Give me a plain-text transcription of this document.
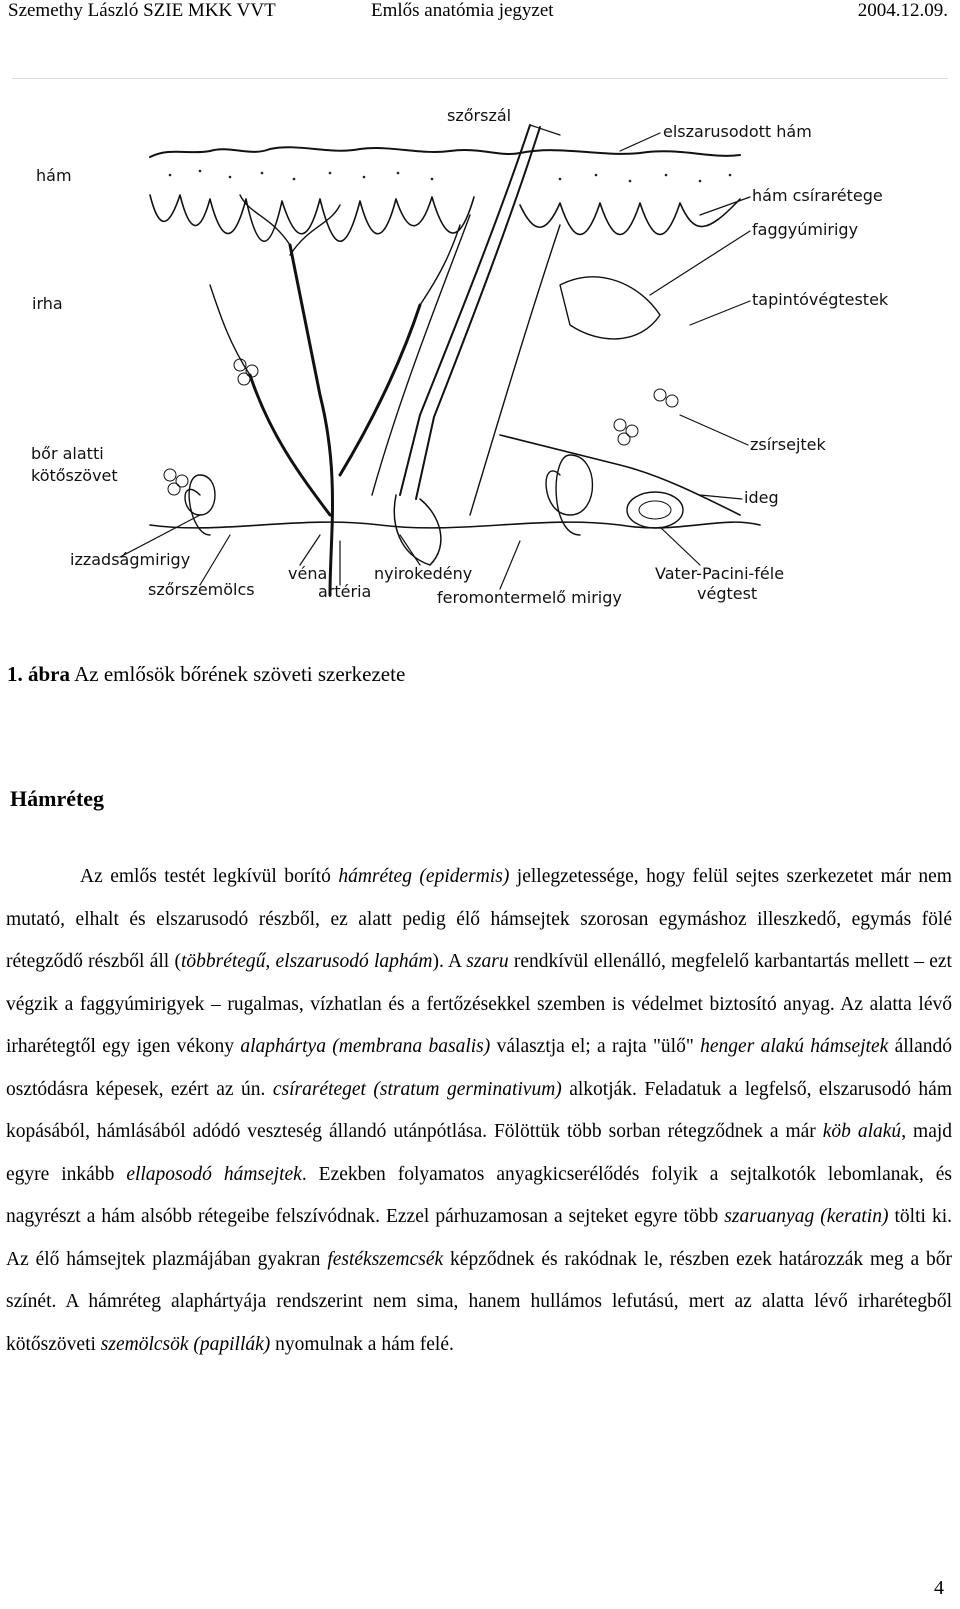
Szemethy László SZIE MKK VVT	Emlős anatómia jegyzet	2004.12.09.
szőrszál
elszarusodott hám
hám
hám csírarétege
faggyúmirigy
irha	tapintóvégtestek
bőr alatti
kötőszövet
zsírsejtek
ideg
izzadságmirigy
véna	nyirokedény	Vater-Pacini-féle
szőrszemölcs	artéria	feromontermelő mirigy	végtest
1. ábra Az emlősök bőrének szöveti szerkezete
Hámréteg

Az emlős testét legkívül borító hámréteg (epidermis) jellegzetessége, hogy felül sejtes szerkezetet már nem mutató, elhalt és elszarusodó részből, ez alatt pedig élő hámsejtek szorosan egymáshoz illeszkedő, egymás fölé rétegződő részből áll (többrétegű, elszarusodó laphám). A szaru rendkívül ellenálló, megfelelő karbantartás mellett – ezt végzik a faggyúmirigyek – rugalmas, vízhatlan és a fertőzésekkel szemben is védelmet biztosító anyag. Az alatta lévő irharétegtől egy igen vékony alaphártya (membrana basalis) választja el; a rajta "ülő" henger alakú hámsejtek állandó osztódásra képesek, ezért az ún. csíraréteget (stratum germinativum) alkotják. Feladatuk a legfelső, elszarusodó hám kopásából, hámlásából adódó veszteség állandó utánpótlása. Fölöttük több sorban rétegződnek a már köb alakú, majd egyre inkább ellaposodó hámsejtek. Ezekben folyamatos anyagkicserélődés folyik a sejtalkotók lebomlanak, és nagyrészt a hám alsóbb rétegeibe felszívódnak. Ezzel párhuzamosan a sejteket egyre több szaruanyag (keratin) tölti ki. Az élő hámsejtek plazmájában gyakran festékszemcsék képződnek és rakódnak le, részben ezek határozzák meg a bőr színét. A hámréteg alaphártyája rendszerint nem sima, hanem hullámos lefutású, mert az alatta lévő irharétegből kötőszöveti szemölcsök (papillák) nyomulnak a hám felé.

4
